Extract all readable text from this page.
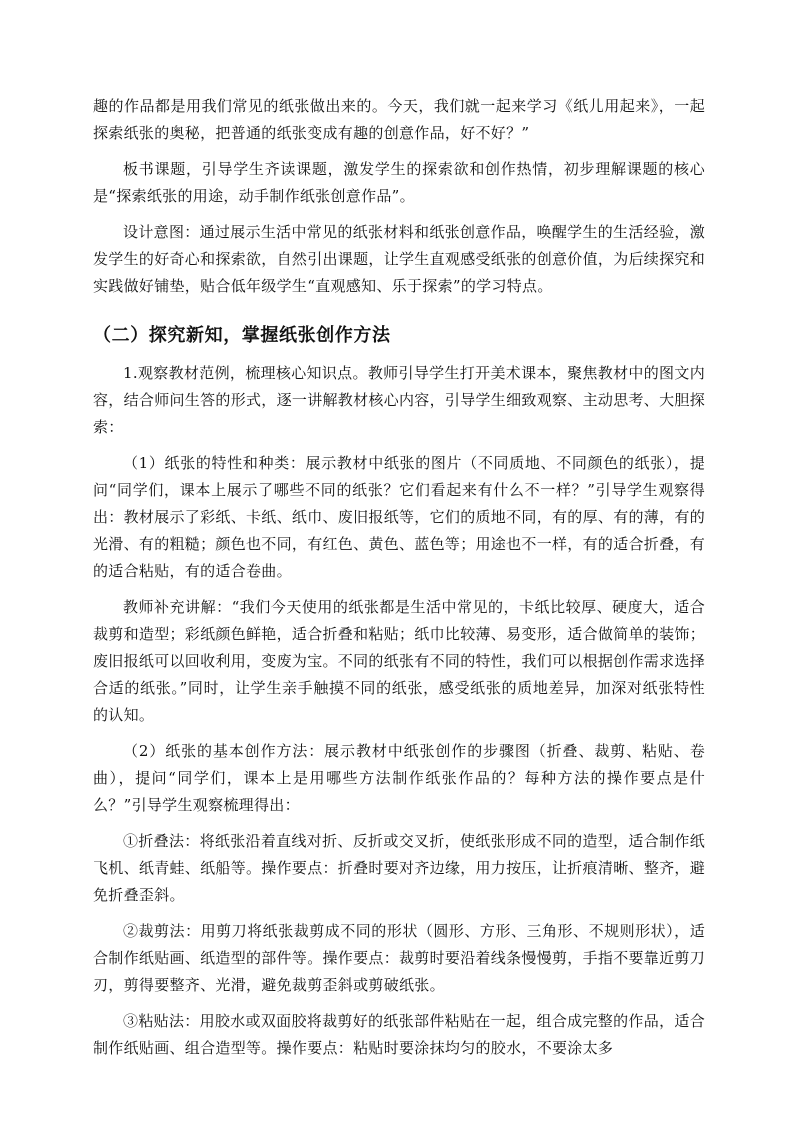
趣的作品都是用我们常见的纸张做出来的。今天，我们就一起来学习《纸儿用起来》，一起探索纸张的奥秘，把普通的纸张变成有趣的创意作品，好不好？”

板书课题，引导学生齐读课题，激发学生的探索欲和创作热情，初步理解课题的核心是“探索纸张的用途，动手制作纸张创意作品”。

设计意图：通过展示生活中常见的纸张材料和纸张创意作品，唤醒学生的生活经验，激发学生的好奇心和探索欲，自然引出课题，让学生直观感受纸张的创意价值，为后续探究和实践做好铺垫，贴合低年级学生“直观感知、乐于探索”的学习特点。

（二）探究新知，掌握纸张创作方法

1.观察教材范例，梳理核心知识点。教师引导学生打开美术课本，聚焦教材中的图文内容，结合师问生答的形式，逐一讲解教材核心内容，引导学生细致观察、主动思考、大胆探索：

（1）纸张的特性和种类：展示教材中纸张的图片（不同质地、不同颜色的纸张），提问“同学们，课本上展示了哪些不同的纸张？它们看起来有什么不一样？”引导学生观察得出：教材展示了彩纸、卡纸、纸巾、废旧报纸等，它们的质地不同，有的厚、有的薄，有的光滑、有的粗糙；颜色也不同，有红色、黄色、蓝色等；用途也不一样，有的适合折叠，有的适合粘贴，有的适合卷曲。

教师补充讲解：“我们今天使用的纸张都是生活中常见的，卡纸比较厚、硬度大，适合裁剪和造型；彩纸颜色鲜艳，适合折叠和粘贴；纸巾比较薄、易变形，适合做简单的装饰；废旧报纸可以回收利用，变废为宝。不同的纸张有不同的特性，我们可以根据创作需求选择合适的纸张。”同时，让学生亲手触摸不同的纸张，感受纸张的质地差异，加深对纸张特性的认知。

（2）纸张的基本创作方法：展示教材中纸张创作的步骤图（折叠、裁剪、粘贴、卷曲），提问“同学们，课本上是用哪些方法制作纸张作品的？每种方法的操作要点是什么？”引导学生观察梳理得出：

①折叠法：将纸张沿着直线对折、反折或交叉折，使纸张形成不同的造型，适合制作纸飞机、纸青蛙、纸船等。操作要点：折叠时要对齐边缘，用力按压，让折痕清晰、整齐，避免折叠歪斜。

②裁剪法：用剪刀将纸张裁剪成不同的形状（圆形、方形、三角形、不规则形状），适合制作纸贴画、纸造型的部件等。操作要点：裁剪时要沿着线条慢慢剪，手指不要靠近剪刀刃，剪得要整齐、光滑，避免裁剪歪斜或剪破纸张。

③粘贴法：用胶水或双面胶将裁剪好的纸张部件粘贴在一起，组合成完整的作品，适合制作纸贴画、组合造型等。操作要点：粘贴时要涂抹均匀的胶水，不要涂太多
